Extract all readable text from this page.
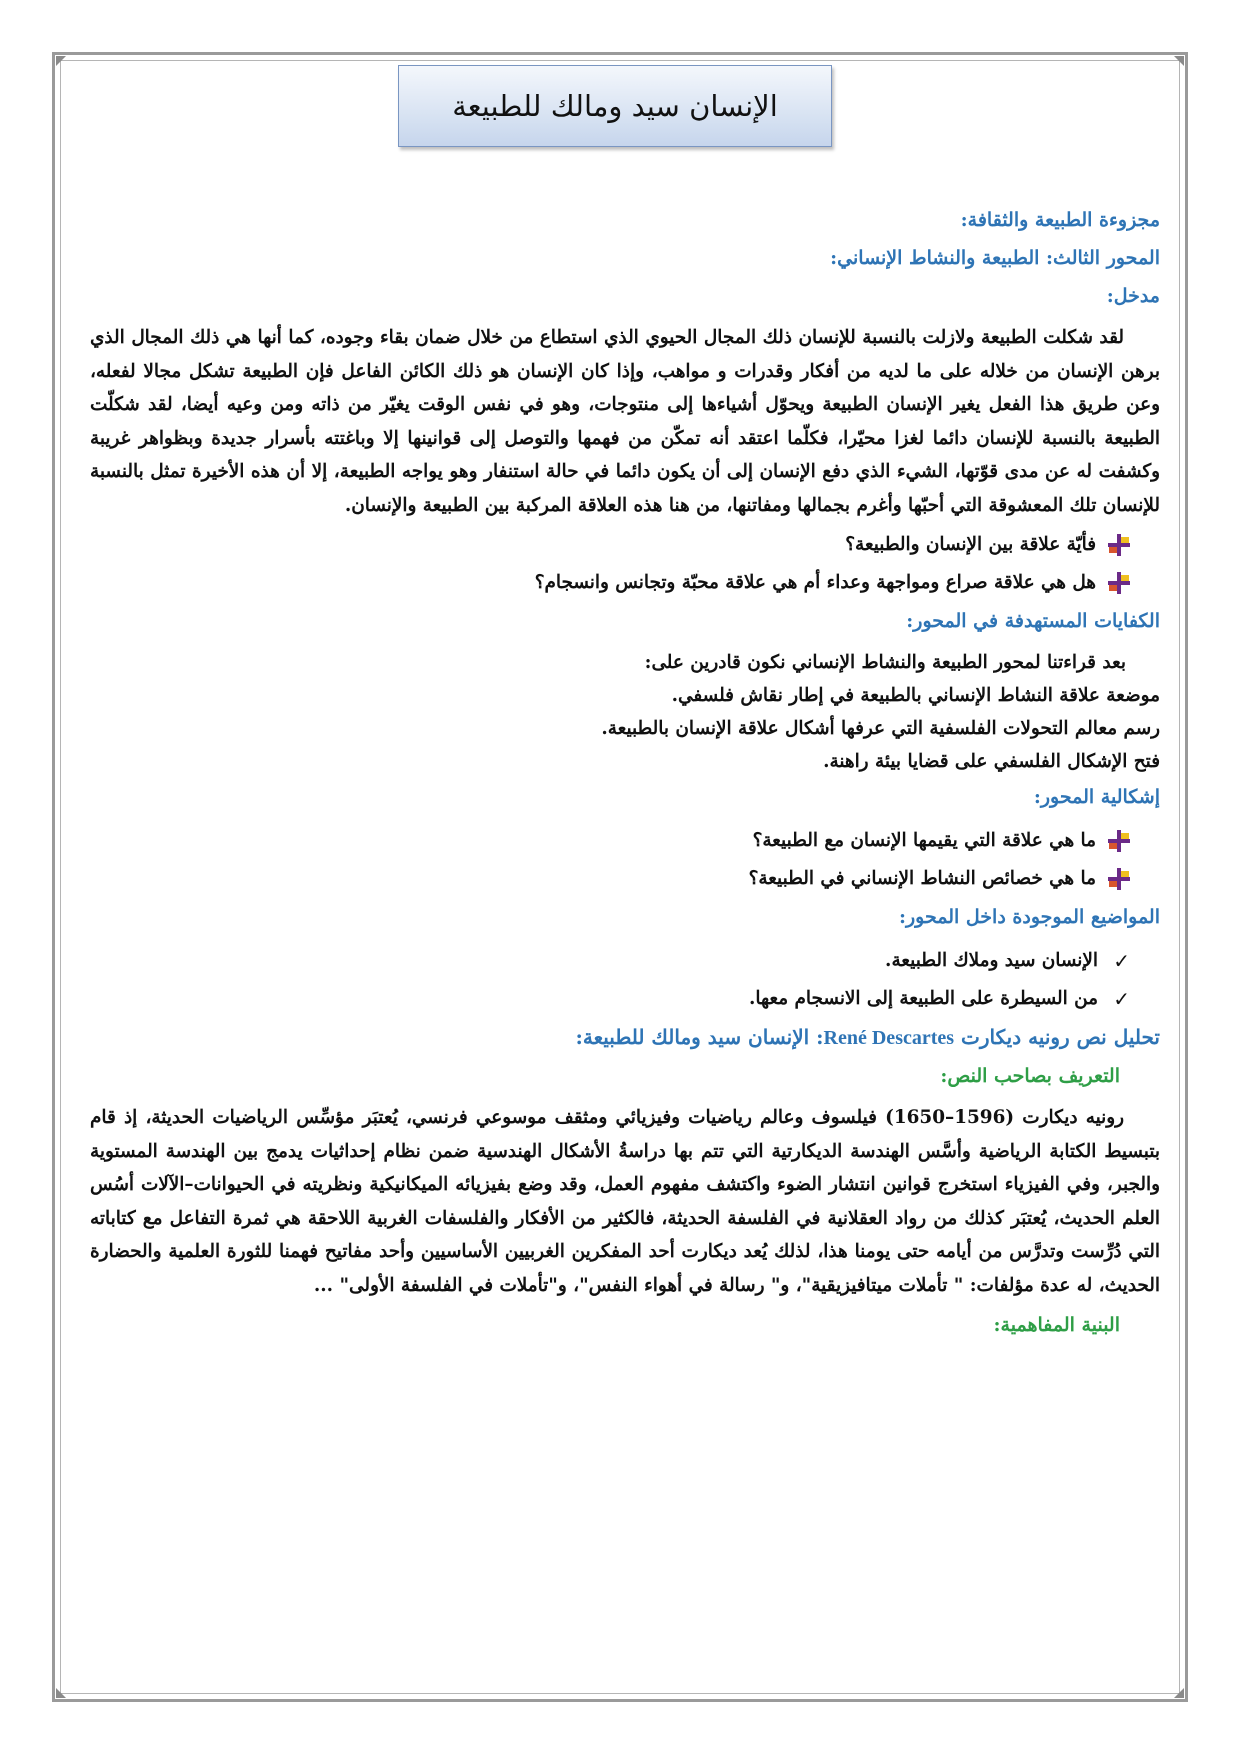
الإنسان سيد ومالك للطبيعة
مجزوءة الطبيعة والثقافة:
المحور الثالث: الطبيعة والنشاط الإنساني:
مدخل:
لقد شكلت الطبيعة ولازلت بالنسبة للإنسان ذلك المجال الحيوي الذي استطاع من خلال ضمان بقاء وجوده، كما أنها هي ذلك المجال الذي برهن الإنسان من خلاله على ما لديه من أفكار وقدرات و مواهب، وإذا كان الإنسان هو ذلك الكائن الفاعل فإن الطبيعة تشكل مجالا لفعله، وعن طريق هذا الفعل يغير الإنسان الطبيعة ويحوّل أشياءها إلى منتوجات، وهو في نفس الوقت يغيّر من ذاته ومن وعيه أيضا، لقد شكلّت الطبيعة بالنسبة للإنسان دائما لغزا محيّرا، فكلّما اعتقد أنه تمكّن من فهمها والتوصل إلى قوانينها إلا وباغتته بأسرار جديدة وبظواهر غريبة وكشفت له عن مدى قوّتها، الشيء الذي دفع الإنسان إلى أن يكون دائما في حالة استنفار وهو يواجه الطبيعة، إلا أن هذه الأخيرة تمثل بالنسبة للإنسان تلك المعشوقة التي أحبّها وأغرم بجمالها ومفاتنها، من هنا هذه العلاقة المركبة بين الطبيعة والإنسان.
فأيّة علاقة بين الإنسان والطبيعة؟
هل هي علاقة صراع ومواجهة وعداء أم هي علاقة محبّة وتجانس وانسجام؟
الكفايات المستهدفة في المحور:
بعد قراءتنا لمحور الطبيعة والنشاط الإنساني نكون قادرين على:
موضعة علاقة النشاط الإنساني بالطبيعة في إطار نقاش فلسفي.
رسم معالم التحولات الفلسفية التي عرفها أشكال علاقة الإنسان بالطبيعة.
فتح الإشكال الفلسفي على قضايا بيئة راهنة.
إشكالية المحور:
ما هي علاقة التي يقيمها الإنسان مع الطبيعة؟
ما هي خصائص النشاط الإنساني في الطبيعة؟
المواضيع الموجودة داخل المحور:
✓
الإنسان سيد وملاك الطبيعة.
✓
من السيطرة على الطبيعة إلى الانسجام معها.
تحليل نص رونيه ديكارت René Descartes: الإنسان سيد ومالك للطبيعة:
التعريف بصاحب النص:
رونيه ديكارت (1596–1650) فيلسوف وعالم رياضيات وفيزيائي ومثقف موسوعي فرنسي، يُعتبَر مؤسِّس الرياضيات الحديثة، إذ قام بتبسيط الكتابة الرياضية وأسَّس الهندسة الديكارتية التي تتم بها دراسةُ الأشكال الهندسية ضمن نظام إحداثيات يدمج بين الهندسة المستوية والجبر، وفي الفيزياء استخرج قوانين انتشار الضوء واكتشف مفهوم العمل، وقد وضع بفيزيائه الميكانيكية ونظريته في الحيوانات–الآلات أسُس العلم الحديث، يُعتبَر كذلك من رواد العقلانية في الفلسفة الحديثة، فالكثير من الأفكار والفلسفات الغربية اللاحقة هي ثمرة التفاعل مع كتاباته التي دُرِّست وتدرَّس من أيامه حتى يومنا هذا، لذلك يُعد ديكارت أحد المفكرين الغربيين الأساسيين وأحد مفاتيح فهمنا للثورة العلمية والحضارة الحديث، له عدة مؤلفات: " تأملات ميتافيزيقية"، و" رسالة في أهواء النفس"، و"تأملات في الفلسفة الأولى" ...
البنية المفاهمية:
